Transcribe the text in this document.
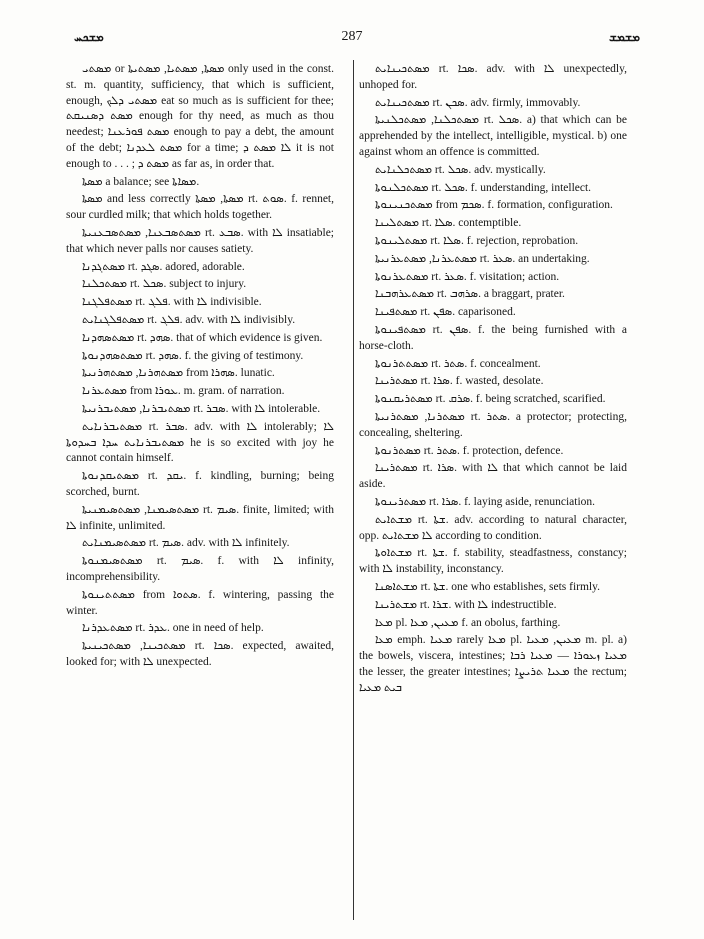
ܡܫܟܚ	287	ܡܫܡܫ

ܡܣܬܝ or ܡܣܬܐ, ܡܣܬܝܐ, ܡܣܬܝܬܐ only used in the const. st. m. quantity, sufficiency, that which is sufficient, enough, ܡܣܬܝ ܕܠܟ eat so much as is sufficient for thee; ܡܣܬ ܕܣܢܝܩܬ enough for thy need, as much as thou needest; ܡܣܬ ܦܘܪܥܢܐ enough to pay a debt, the amount of the debt; ܡܣܬ ܠܥܕܢܐ for a time; ܠܐ ܡܣܬ ܕ it is not enough to . . . ; ܡܣܬ ܕ as far as, in order that.

ܡܣܬܐ a balance; see ܡܣܐܬܐ.

ܡܣܬܐ and less correctly ܡܣܬܐ, ܡܣܬܐ rt. ܣܘܬ. f. rennet, sour curdled milk; that which holds together.

ܡܣܬܣܒܥܢܐ, ܡܣܬܣܒܥܢܝܬܐ rt. ܣܒܥ. with ܠܐ insatiable; that which never palls nor causes satiety.

ܡܣܬܓܕܢܐ rt. ܣܓܕ. adored, adorable.

ܡܣܬܟܠܢܐ rt. ܣܟܠ. subject to injury.

ܡܣܬܦܠܓܢܐ rt. ܦܠܓ. with ܠܐ indivisible.

ܡܣܬܦܠܓܢܐܝܬ rt. ܦܠܓ. adv. with ܠܐ indivisibly.

ܡܣܬܣܗܕܢܐ rt. ܣܗܕ. that of which evidence is given.

ܡܣܬܣܗܕܢܘܬܐ rt. ܣܗܕ. f. the giving of testimony.

ܡܣܬܗܪܢܐ, ܡܣܬܗܪܢܝܬܐ from ܣܗܪܐ. lunatic.

ܡܣܬܥܪܢܐ from ܥܘܪܐ. m. gram. of narration.

ܡܣܬܝܒܪܢܐ, ܡܣܬܝܒܪܢܝܬܐ rt. ܣܒܪ. with ܠܐ intolerable.

ܡܣܬܝܒܪܢܐܝܬ rt. ܣܒܪ. adv. with ܠܐ intolerably; ܠܐ ܡܣܬܝܒܪܢܐܝܬ ܚܕܐ ܒܚܕܘܬܐ he is so excited with joy he cannot contain himself.

ܡܣܬܝܩܕܢܘܬܐ rt. ܝܩܕ. f. kindling, burning; being scorched, burnt.

ܡܣܬܣܝܡܢܐ, ܡܣܬܣܝܡܢܝܬܐ rt. ܣܝܡ. finite, limited; with ܠܐ infinite, unlimited.

ܡܣܬܣܝܡܢܐܝܬ rt. ܣܝܡ. adv. with ܠܐ infinitely.

ܡܣܬܣܝܡܢܘܬܐ rt. ܣܝܡ. f. with ܠܐ infinity, incomprehensibility.

ܡܣܬܬܝܢܘܬܐ from ܣܬܘܐ. f. wintering, passing the winter.

ܡܣܬܥܕܪܢܐ rt. ܥܕܪ. one in need of help.

ܡܣܬܟܝܢܐ, ܡܣܬܟܝܢܝܬܐ rt. ܣܟܐ. expected, awaited, looked for; with ܠܐ unexpected.

ܡܣܬܟܝܢܐܝܬ rt. ܣܟܐ. adv. with ܠܐ unexpectedly, unhoped for.

ܡܣܬܟܝܢܐܝܬ rt. ܣܟܢ. adv. firmly, immovably.

ܡܣܬܟܠܢܐ, ܡܣܬܟܠܢܝܬܐ rt. ܣܟܠ. a) that which can be apprehended by the intellect, intelligible, mystical. b) one against whom an offence is committed.

ܡܣܬܟܠܢܐܝܬ rt. ܣܟܠ. adv. mystically.

ܡܣܬܟܠܢܘܬܐ rt. ܣܟܠ. f. understanding, intellect.

ܡܣܬܟܢܝܢܘܬܐ from ܣܟܡ. f. formation, configuration.

ܡܣܬܠܝܢܐ rt. ܣܠܐ. contemptible.

ܡܣܬܠܝܢܘܬܐ rt. ܣܠܐ. f. rejection, reprobation.

ܡܣܬܥܪܢܐ, ܡܣܬܥܪܢܝܬܐ rt. ܣܥܪ. an undertaking.

ܡܣܬܥܪܢܘܬܐ rt. ܣܥܪ. f. visitation; action.

ܡܣܬܥܪܗܒܢܐ rt. ܣܪܗܒ. a braggart, prater.

ܡܣܬܦܝܢܐ rt. ܣܦܢ. caparisoned.

ܡܣܬܦܝܢܘܬܐ rt. ܣܦܢ. f. the being furnished with a horse-cloth.

ܡܣܬܬܪܢܘܬܐ rt. ܣܬܪ. f. concealment.

ܡܣܬܪܝܢܐ rt. ܣܪܐ. f. wasted, desolate.

ܡܣܬܪܝܩܢܘܬܐ rt. ܣܪܩ. f. being scratched, scarified.

ܡܣܬܪܢܐ, ܡܣܬܪܢܝܬܐ rt. ܣܬܪ. a protector; protecting, concealing, sheltering.

ܡܣܬܪܢܘܬܐ rt. ܣܬܪ. f. protection, defence.

ܡܣܬܪܝܢܐ rt. ܣܪܐ. with ܠܐ that which cannot be laid aside.

ܡܣܬܪܝܢܘܬܐ rt. ܣܪܐ. f. laying aside, renunciation.

ܡܫܬܐܝܬ rt. ܫܬܐ. adv. according to natural character, opp. ܠܐ ܡܫܬܐܝܬ according to condition.

ܡܫܬܐܘܬܐ rt. ܫܬܐ. f. stability, steadfastness, constancy; with ܠܐ instability, inconstancy.

ܡܫܬܐܣܢܐ rt. ܫܬܐ. one who establishes, sets firmly.

ܡܫܬܪܝܢܐ rt. ܫܪܐ. with ܠܐ indestructible.

ܡܥܐ pl. ܡܥܝܢ, ܡܥܐ f. an obolus, farthing.

ܡܥܐ emph. ܡܥܝܐ rarely ܡܥܐ pl. ܡܥܝܢ, ܡܥܝܐ m. pl. a) the bowels, viscera, intestines; ܡܥܝܐ ܙܥܘܪܐ — ܡܥܝܐ ܪܒܐ the lesser, the greater intestines; ܡܥܝܐ ܬܪܝܨܐ the rectum; ܒܝܬ ܡܥܝܐ
